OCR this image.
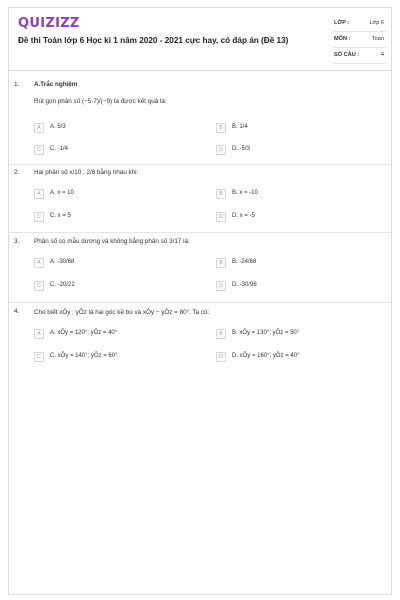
QUIZIZZ
Đề thi Toán lớp 6 Học kì 1 năm 2020 - 2021 cực hay, có đáp án (Đề 13)
LỚP :	Lớp 6
MÔN :	Toán
SỐ CÂU :	4
1. A.Trắc nghiệm
Rút gọn phân số (−5·7)/(−9) ta được kết quả là:
A	A. 5/3	B	B. 1/4
C	C. -1/4	D	D. -5/3
2. Hai phân số x/10 ; 2/8 bằng nhau khi:
A	A. x = 10	B	B. x = -10
C	C. x = 5	D	D. x = -5
3. Phân số có mẫu dương và không bằng phân số 3/17 là:
A	A. -30/68	B	B. -24/68
C	C. -20/22	D	D. -30/96
4. Cho biết xÔy ; yÔz là hai góc kề bù và xÔy − yÔz = 80°. Ta có:
A	A. xÔy = 120°; yÔz = 40°	B	B. xÔy = 130°; yÔz = 50°
C	C. xÔy = 140°; yÔz = 60°	D	D. xÔy = 160°; yÔz = 40°
